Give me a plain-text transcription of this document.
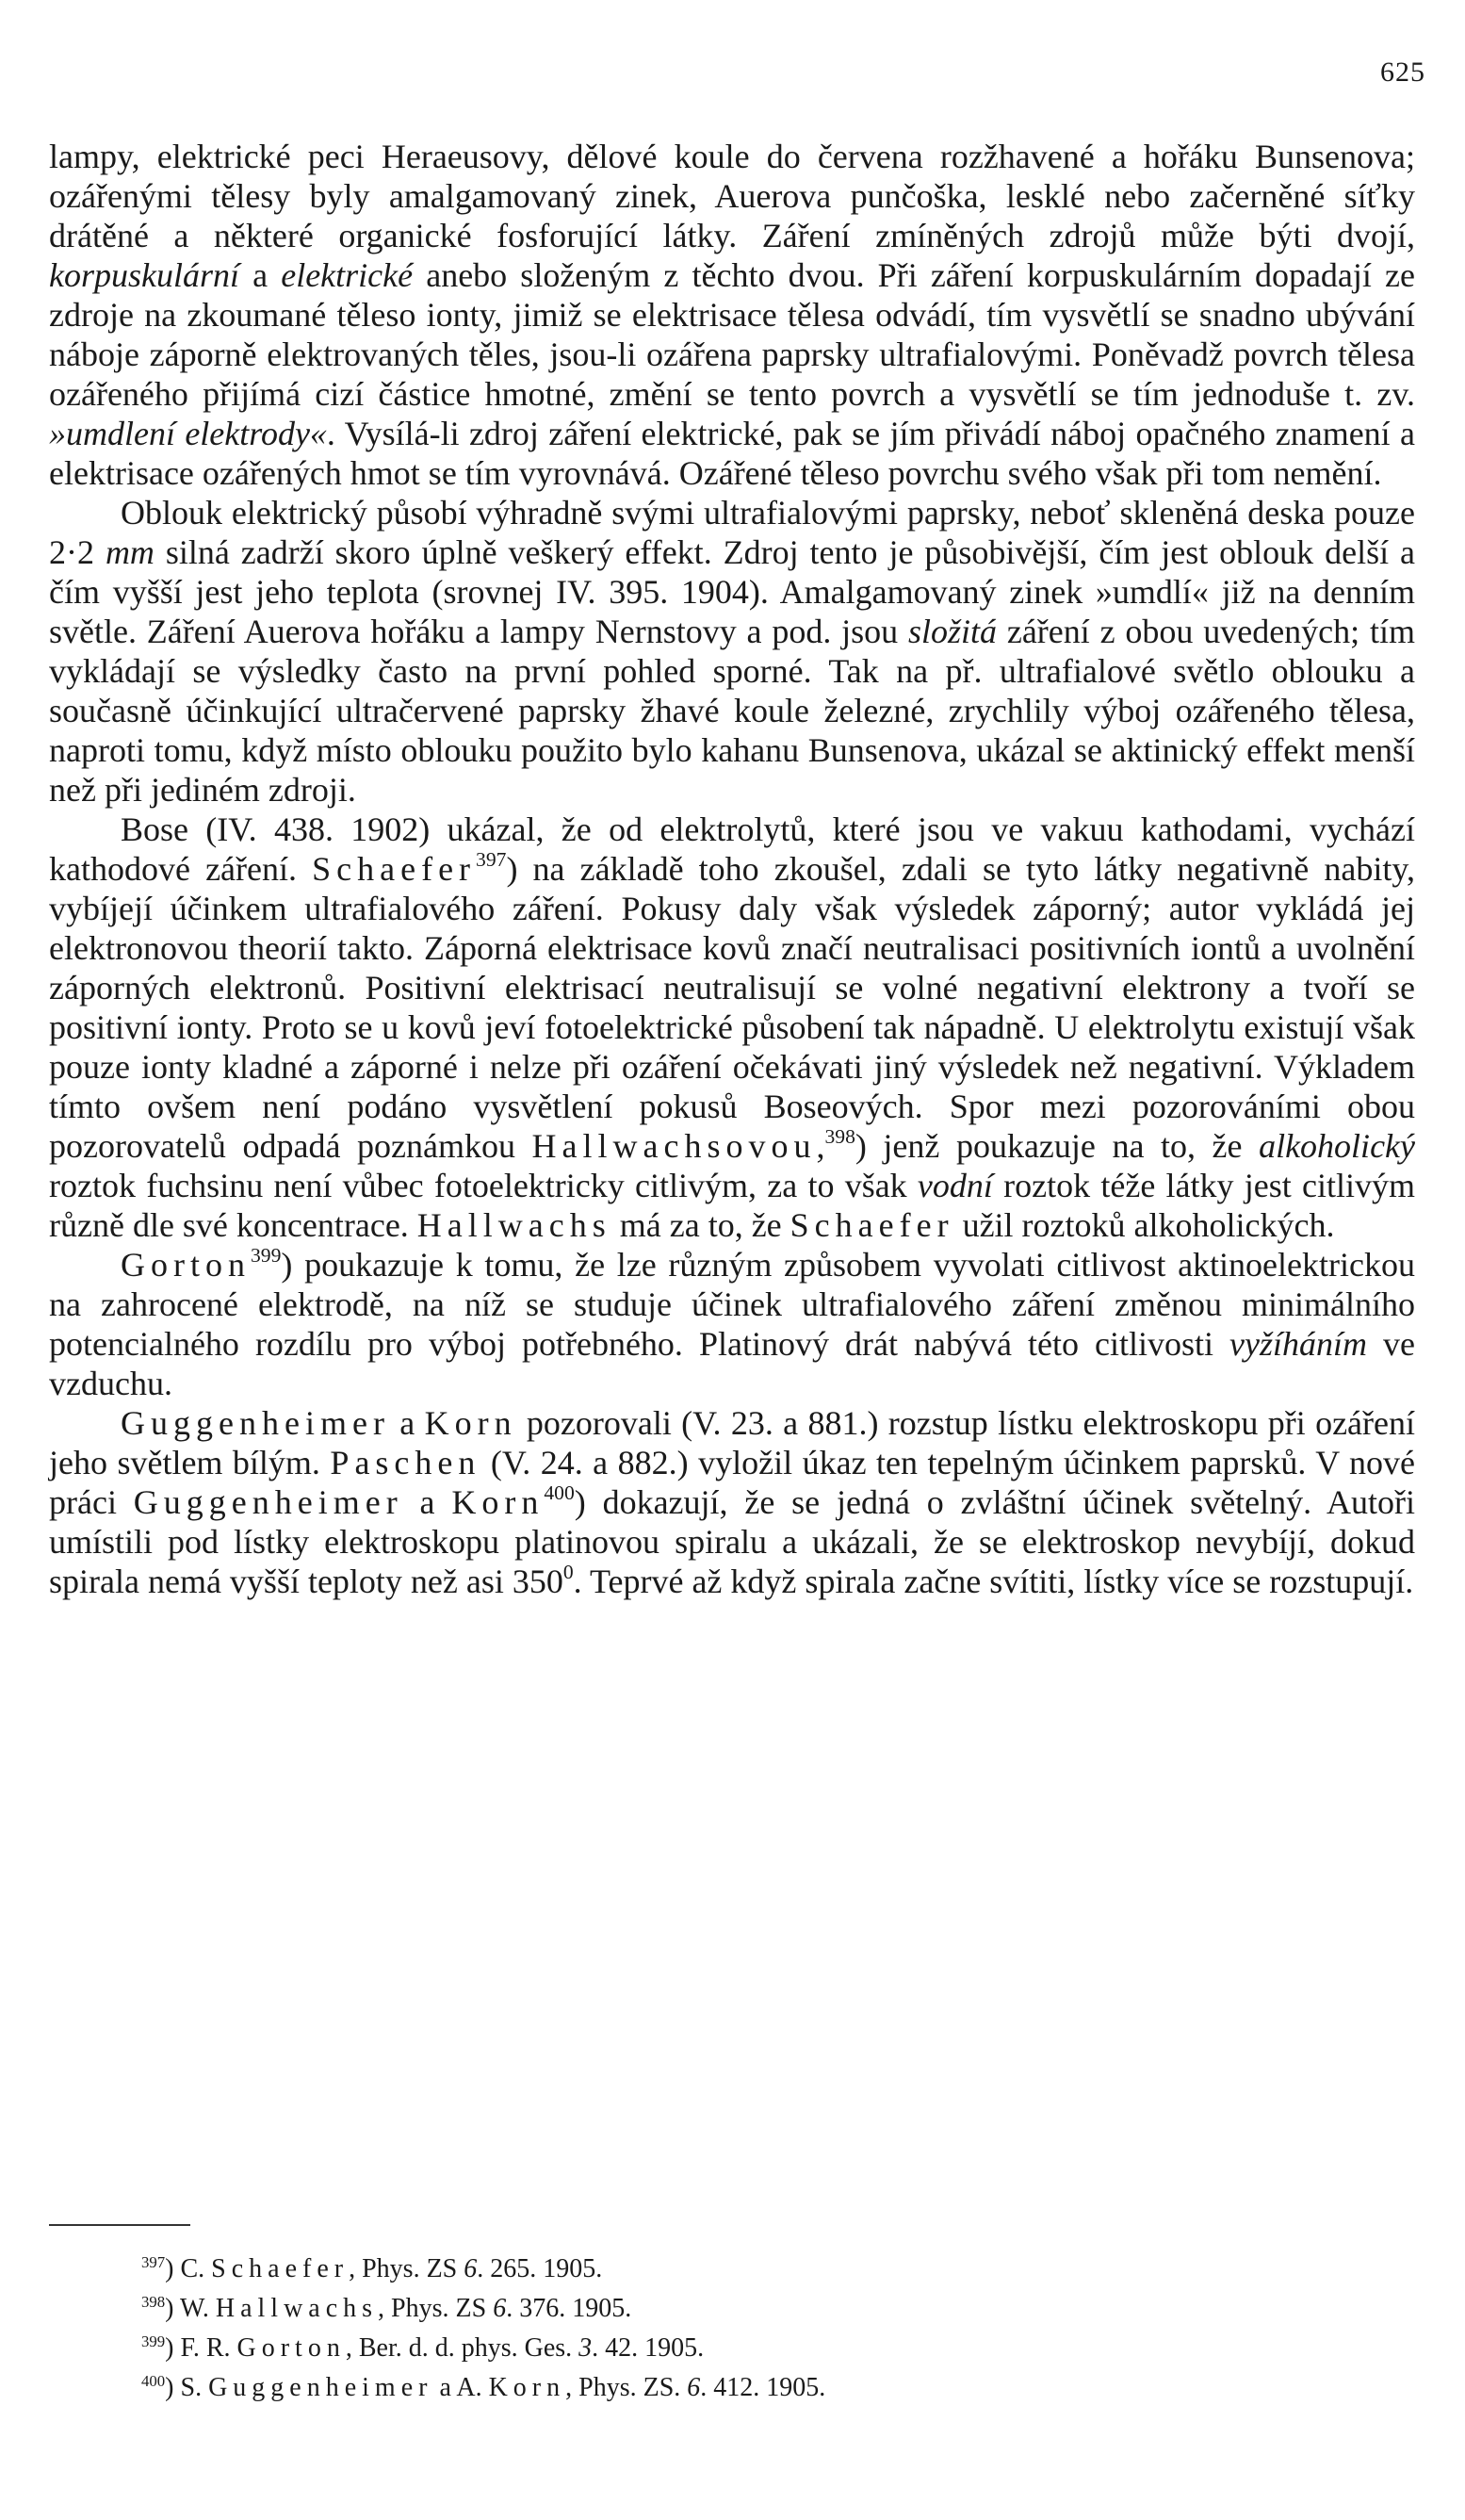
625

lampy, elektrické peci Heraeusovy, dělové koule do červena rozžhavené a hořáku Bunsenova; ozářenými tělesy byly amalgamovaný zinek, Auerova punčoška, lesklé nebo začerněné síťky drátěné a některé organické fosforující látky. Záření zmíněných zdrojů může býti dvojí, korpuskulární a elektrické anebo složeným z těchto dvou. Při záření korpuskulárním dopadají ze zdroje na zkoumané těleso ionty, jimiž se elektrisace tělesa odvádí, tím vysvětlí se snadno ubývání náboje záporně elektrovaných těles, jsou-li ozářena paprsky ultrafialovými. Poněvadž povrch tělesa ozářeného přijímá cizí částice hmotné, změní se tento povrch a vysvětlí se tím jednoduše t. zv. »umdlení elektrody«. Vysílá-li zdroj záření elektrické, pak se jím přivádí náboj opačného znamení a elektrisace ozářených hmot se tím vyrovnává. Ozářené těleso povrchu svého však při tom nemění.

Oblouk elektrický působí výhradně svými ultrafialovými paprsky, neboť skleněná deska pouze 2·2 mm silná zadrží skoro úplně veškerý effekt. Zdroj tento je působivější, čím jest oblouk delší a čím vyšší jest jeho teplota (srovnej IV. 395. 1904). Amalgamovaný zinek »umdlí« již na denním světle. Záření Auerova hořáku a lampy Nernstovy a pod. jsou složitá záření z obou uvedených; tím vykládají se výsledky často na první pohled sporné. Tak na př. ultrafialové světlo oblouku a současně účinkující ultračervené paprsky žhavé koule železné, zrychlily výboj ozářeného tělesa, naproti tomu, když místo oblouku použito bylo kahanu Bunsenova, ukázal se aktinický effekt menší než při jediném zdroji.

Bose (IV. 438. 1902) ukázal, že od elektrolytů, které jsou ve vakuu kathodami, vychází kathodové záření. Schaefer$^{397}$) na základě toho zkoušel, zdali se tyto látky negativně nabity, vybíjejí účinkem ultrafialového záření. Pokusy daly však výsledek záporný; autor vykládá jej elektronovou theorií takto. Záporná elektrisace kovů značí neutralisaci positivních iontů a uvolnění záporných elektronů. Positivní elektrisací neutralisují se volné negativní elektrony a tvoří se positivní ionty. Proto se u kovů jeví fotoelektrické působení tak nápadně. U elektrolytu existují však pouze ionty kladné a záporné i nelze při ozáření očekávati jiný výsledek než negativní. Výkladem tímto ovšem není podáno vysvětlení pokusů Boseových. Spor mezi pozorováními obou pozorovatelů odpadá poznámkou Hallwachsovou,$^{398}$) jenž poukazuje na to, že alkoholický roztok fuchsinu není vůbec fotoelektricky citlivým, za to však vodní roztok téže látky jest citlivým různě dle své koncentrace. Hallwachs má za to, že Schaefer užil roztoků alkoholických.

Gorton$^{399}$) poukazuje k tomu, že lze různým způsobem vyvolati citlivost aktinoelektrickou na zahrocené elektrodě, na níž se studuje účinek ultrafialového záření změnou minimálního potencialného rozdílu pro výboj potřebného. Platinový drát nabývá této citlivosti vyžíháním ve vzduchu.

Guggenheimer a Korn pozorovali (V. 23. a 881.) rozstup lístku elektroskopu při ozáření jeho světlem bílým. Paschen (V. 24. a 882.) vyložil úkaz ten tepelným účinkem paprsků. V nové práci Guggenheimer a Korn$^{400}$) dokazují, že se jedná o zvláštní účinek světelný. Autoři umístili pod lístky elektroskopu platinovou spiralu a ukázali, že se elektroskop nevybíjí, dokud spirala nemá vyšší teploty než asi $350^0$. Teprvé až když spirala začne svítiti, lístky více se rozstupují.

$^{397}$) C. Schaefer, Phys. ZS 6. 265. 1905.
$^{398}$) W. Hallwachs, Phys. ZS 6. 376. 1905.
$^{399}$) F. R. Gorton, Ber. d. d. phys. Ges. 3. 42. 1905.
$^{400}$) S. Guggenheimer a A. Korn, Phys. ZS. 6. 412. 1905.
